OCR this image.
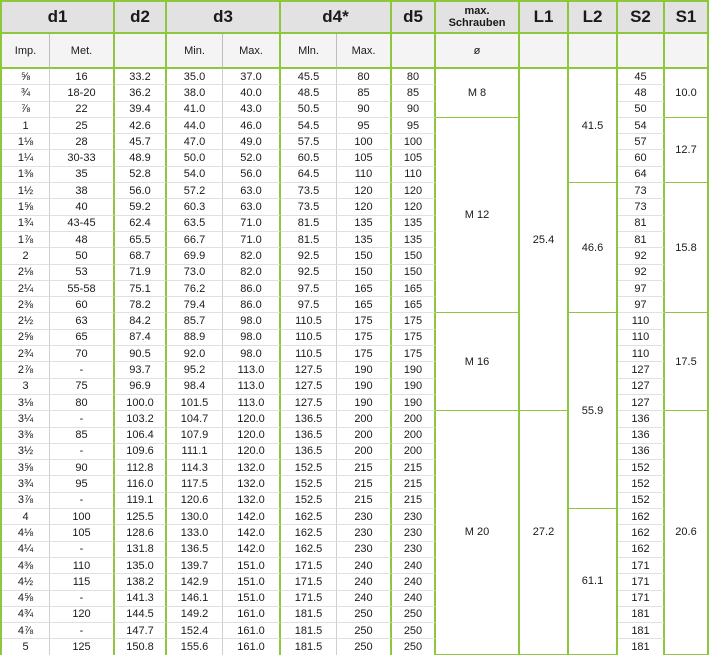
d1		d2	d3		d4*		d5	max. Schrauben	L1	L2	S2	S1
Imp.	Met.		Min.	Max.	Mln.	Max.		ø				
⅝	16	33.2	35.0	37.0	45.5	80	80	M 8	25.4	41.5	45	10.0
¾	18-20	36.2	38.0	40.0	48.5	85	85				48	
⅞	22	39.4	41.0	43.0	50.5	90	90				50	
1	25	42.6	44.0	46.0	54.5	95	95	M 12			54	12.7
1⅛	28	45.7	47.0	49.0	57.5	100	100				57	
1¼	30-33	48.9	50.0	52.0	60.5	105	105				60	
1⅜	35	52.8	54.0	56.0	64.5	110	110				64	
1½	38	56.0	57.2	63.0	73.5	120	120			46.6	73	15.8
1⅝	40	59.2	60.3	63.0	73.5	120	120				73	
1¾	43-45	62.4	63.5	71.0	81.5	135	135				81	
1⅞	48	65.5	66.7	71.0	81.5	135	135				81	
2	50	68.7	69.9	82.0	92.5	150	150				92	
2⅛	53	71.9	73.0	82.0	92.5	150	150				92	
2¼	55-58	75.1	76.2	86.0	97.5	165	165				97	
2⅜	60	78.2	79.4	86.0	97.5	165	165				97	
2½	63	84.2	85.7	98.0	110.5	175	175	M 16		55.9	110	17.5
2⅝	65	87.4	88.9	98.0	110.5	175	175				110	
2¾	70	90.5	92.0	98.0	110.5	175	175				110	
2⅞	-	93.7	95.2	113.0	127.5	190	190				127	
3	75	96.9	98.4	113.0	127.5	190	190				127	
3⅛	80	100.0	101.5	113.0	127.5	190	190				127	
3¼	-	103.2	104.7	120.0	136.5	200	200	M 20	27.2		136	20.6
3⅜	85	106.4	107.9	120.0	136.5	200	200				136	
3½	-	109.6	111.1	120.0	136.5	200	200				136	
3⅝	90	112.8	114.3	132.0	152.5	215	215				152	
3¾	95	116.0	117.5	132.0	152.5	215	215				152	
3⅞	-	119.1	120.6	132.0	152.5	215	215				152	
4	100	125.5	130.0	142.0	162.5	230	230			61.1	162	
4⅛	105	128.6	133.0	142.0	162.5	230	230				162	
4¼	-	131.8	136.5	142.0	162.5	230	230				162	
4⅜	110	135.0	139.7	151.0	171.5	240	240				171	
4½	115	138.2	142.9	151.0	171.5	240	240				171	
4⅝	-	141.3	146.1	151.0	171.5	240	240				171	
4¾	120	144.5	149.2	161.0	181.5	250	250				181	
4⅞	-	147.7	152.4	161.0	181.5	250	250				181	
5	125	150.8	155.6	161.0	181.5	250	250				181	
